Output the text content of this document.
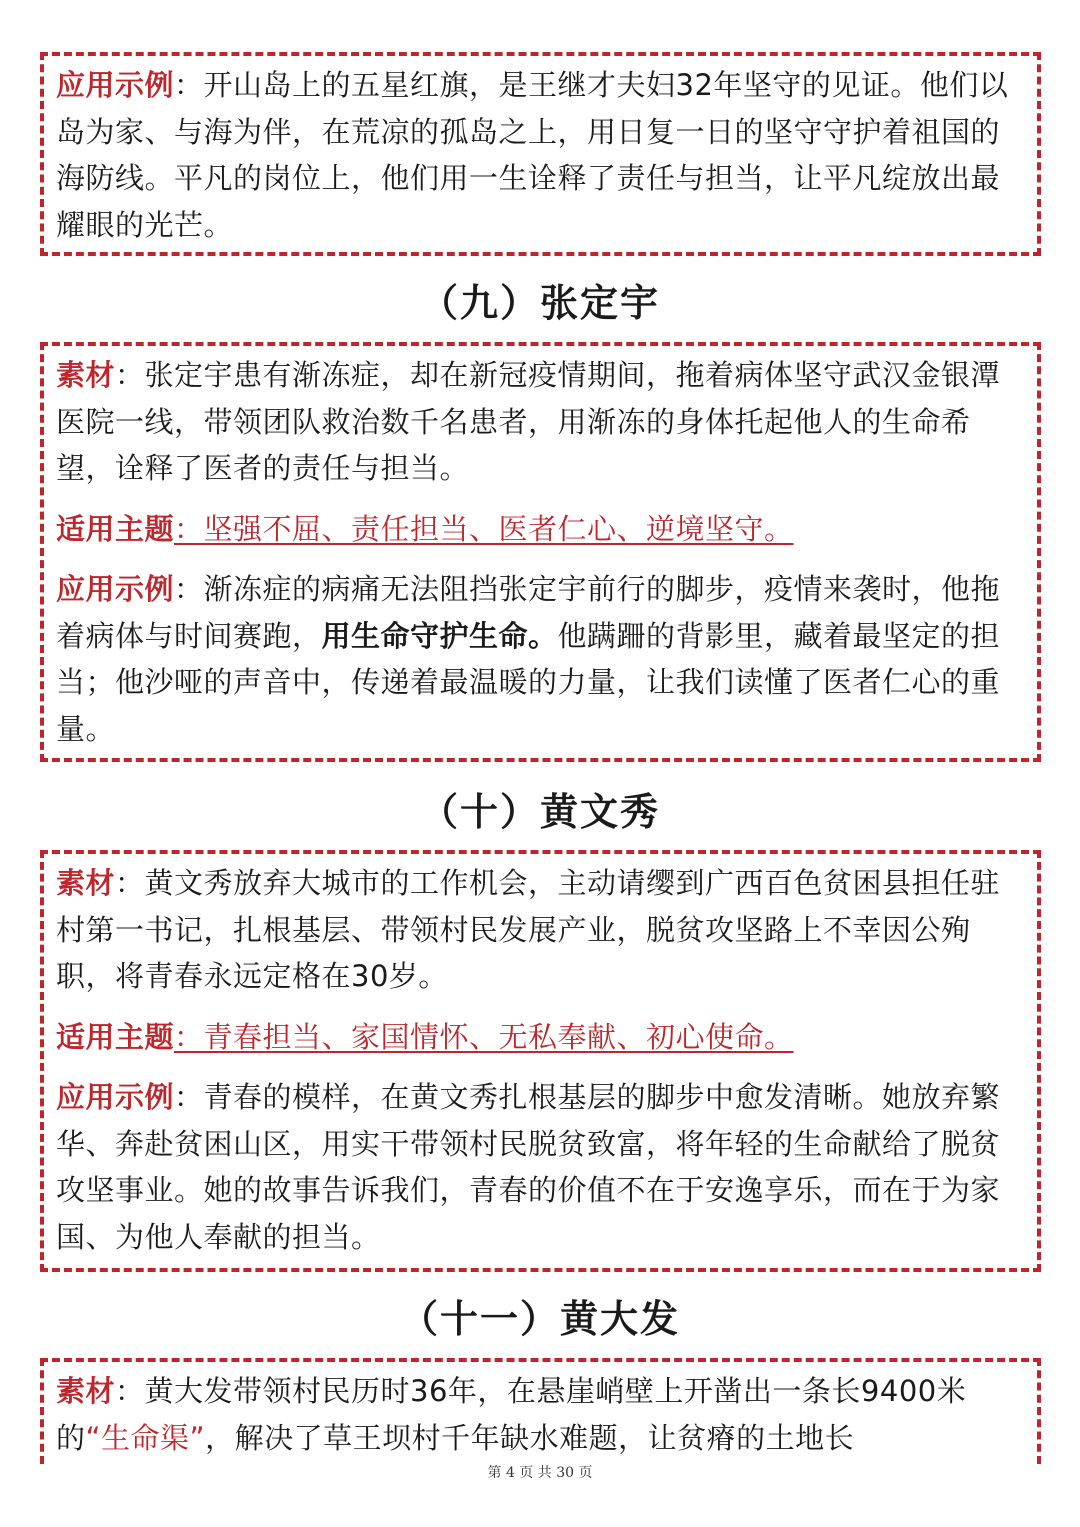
应用示例：开山岛上的五星红旗，是王继才夫妇32年坚守的见证。他们以岛为家、与海为伴，在荒凉的孤岛之上，用日复一日的坚守守护着祖国的海防线。平凡的岗位上，他们用一生诠释了责任与担当，让平凡绽放出最耀眼的光芒。

（九）张定宇

素材：张定宇患有渐冻症，却在新冠疫情期间，拖着病体坚守武汉金银潭医院一线，带领团队救治数千名患者，用渐冻的身体托起他人的生命希望，诠释了医者的责任与担当。

适用主题：坚强不屈、责任担当、医者仁心、逆境坚守。

应用示例：渐冻症的病痛无法阻挡张定宇前行的脚步，疫情来袭时，他拖着病体与时间赛跑，用生命守护生命。他蹒跚的背影里，藏着最坚定的担当；他沙哑的声音中，传递着最温暖的力量，让我们读懂了医者仁心的重量。

（十）黄文秀

素材：黄文秀放弃大城市的工作机会，主动请缨到广西百色贫困县担任驻村第一书记，扎根基层、带领村民发展产业，脱贫攻坚路上不幸因公殉职，将青春永远定格在30岁。

适用主题：青春担当、家国情怀、无私奉献、初心使命。

应用示例：青春的模样，在黄文秀扎根基层的脚步中愈发清晰。她放弃繁华、奔赴贫困山区，用实干带领村民脱贫致富，将年轻的生命献给了脱贫攻坚事业。她的故事告诉我们，青春的价值不在于安逸享乐，而在于为家国、为他人奉献的担当。

（十一）黄大发

素材：黄大发带领村民历时36年，在悬崖峭壁上开凿出一条长9400米的“生命渠”，解决了草王坝村千年缺水难题，让贫瘠的土地长

第 4 页 共 30 页
